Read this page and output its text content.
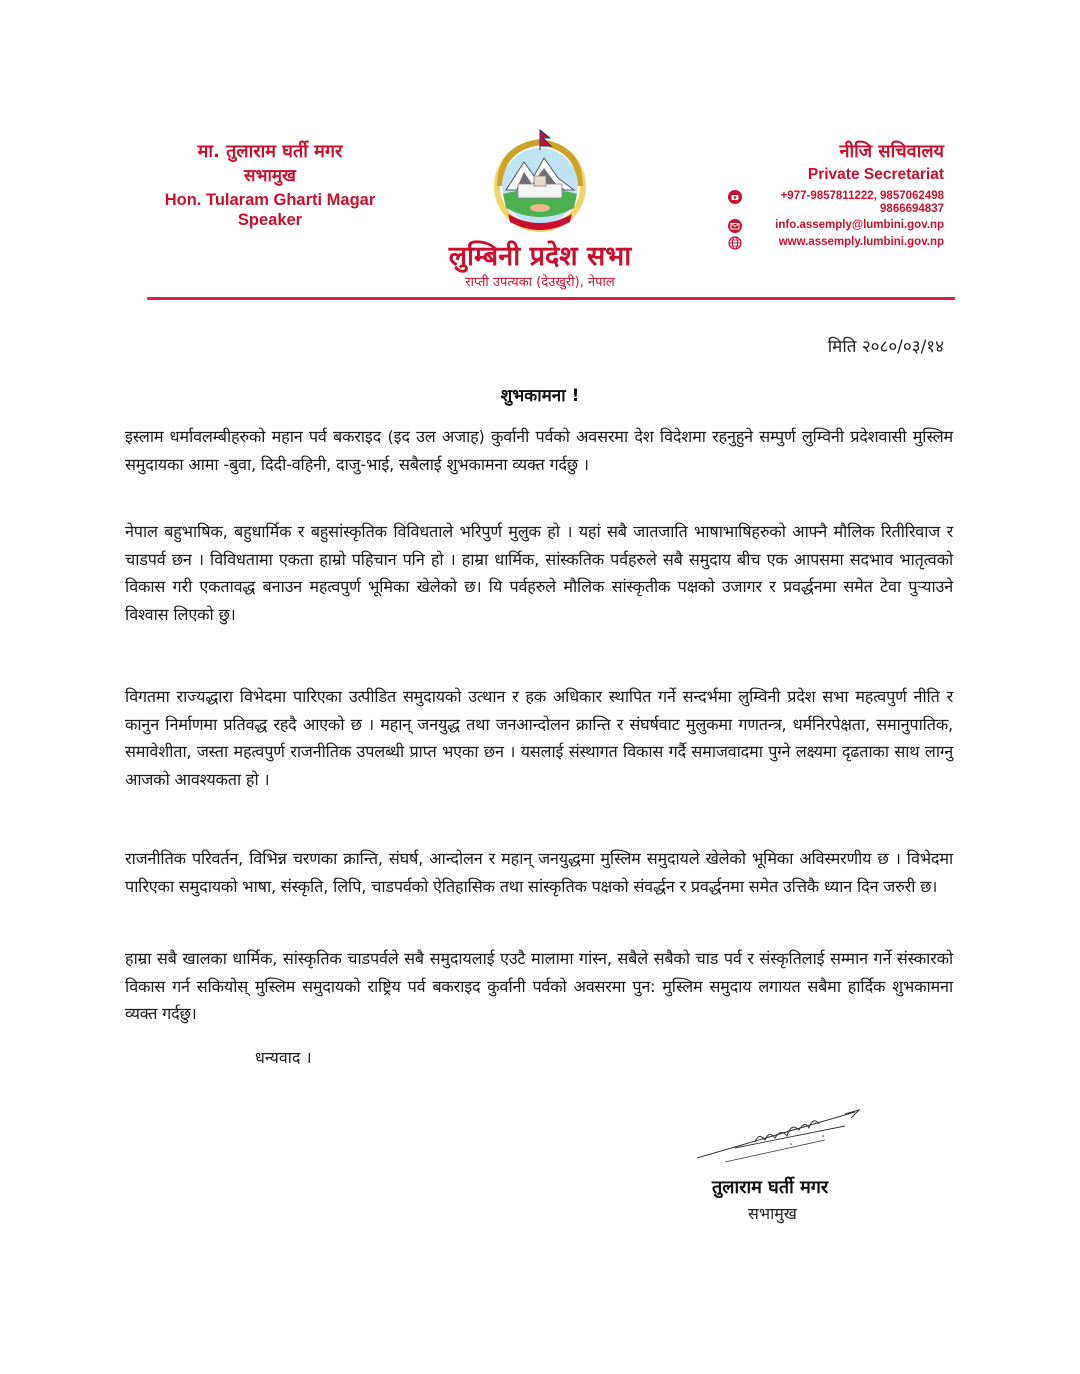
मा. तुलाराम घर्ती मगर
सभामुख
Hon. Tularam Gharti Magar
Speaker
लुम्बिनी प्रदेश सभा
राप्ती उपत्यका (देउखुरी), नेपाल
नीजि सचिवालय
Private Secretariat
+977-9857811222, 9857062498
9866694837
info.assemply@lumbini.gov.np
www.assemply.lumbini.gov.np
मिति २०८०/०३/१४
शुभकामना !

इस्लाम धर्मावलम्बीहरुको महान पर्व बकराइद (इद उल अजाह) कुर्वानी पर्वको अवसरमा देश विदेशमा रहनुहुने सम्पुर्ण लुम्विनी प्रदेशवासी मुस्लिम समुदायका आमा -बुवा, दिदी-वहिनी, दाजु-भाई, सबैलाई शुभकामना व्यक्त गर्दछु ।

नेपाल बहुभाषिक, बहुधार्मिक र बहुसांस्कृतिक विविधताले भरिपुर्ण मुलुक हो । यहां सबै जातजाति भाषाभाषिहरुको आफ्नै मौलिक रितीरिवाज र चाडपर्व छन । विविधतामा एकता हाम्रो पहिचान पनि हो । हाम्रा धार्मिक, सांस्कतिक पर्वहरुले सबै समुदाय बीच एक आपसमा सदभाव भातृत्वको विकास गरी एकतावद्ध बनाउन महत्वपुर्ण भूमिका खेलेको छ। यि पर्वहरुले मौलिक सांस्कृतीक पक्षको उजागर र प्रवर्द्धनमा समेत टेवा पुर्‍याउने विश्वास लिएको छु।

विगतमा राज्यद्धारा विभेदमा पारिएका उत्पीडित समुदायको उत्थान र हक अधिकार स्थापित गर्ने सन्दर्भमा लुम्विनी प्रदेश सभा महत्वपुर्ण नीति र कानुन निर्माणमा प्रतिवद्ध रहदै आएको छ । महान् जनयुद्ध तथा जनआन्दोलन क्रान्ति र संघर्षवाट मुलुकमा गणतन्त्र, धर्मनिरपेक्षता, समानुपातिक, समावेशीता, जस्ता महत्वपुर्ण राजनीतिक उपलब्धी प्राप्त भएका छन । यसलाई संस्थागत विकास गर्दै समाजवादमा पुग्ने लक्ष्यमा दृढताका साथ लाग्नु आजको आवश्यकता हो ।

राजनीतिक परिवर्तन, विभिन्न चरणका क्रान्ति, संघर्ष, आन्दोलन र महान् जनयुद्धमा मुस्लिम समुदायले खेलेको भूमिका अविस्मरणीय छ । विभेदमा पारिएका समुदायको भाषा, संस्कृति, लिपि, चाडपर्वको ऐतिहासिक तथा सांस्कृतिक पक्षको संवर्द्धन र प्रवर्द्धनमा समेत उत्तिकै ध्यान दिन जरुरी छ।

हाम्रा सबै खालका धार्मिक, सांस्कृतिक चाडपर्वले सबै समुदायलाई एउटै मालामा गांस्न, सबैले सबैको चाड पर्व र संस्कृतिलाई सम्मान गर्ने संस्कारको विकास गर्न सकियोस् मुस्लिम समुदायको राष्ट्रिय पर्व बकराइद कुर्वानी पर्वको अवसरमा पुन: मुस्लिम समुदाय लगायत सबैमा हार्दिक शुभकामना व्यक्त गर्दछु।

धन्यवाद ।
तुलाराम घर्ती मगर
सभामुख
